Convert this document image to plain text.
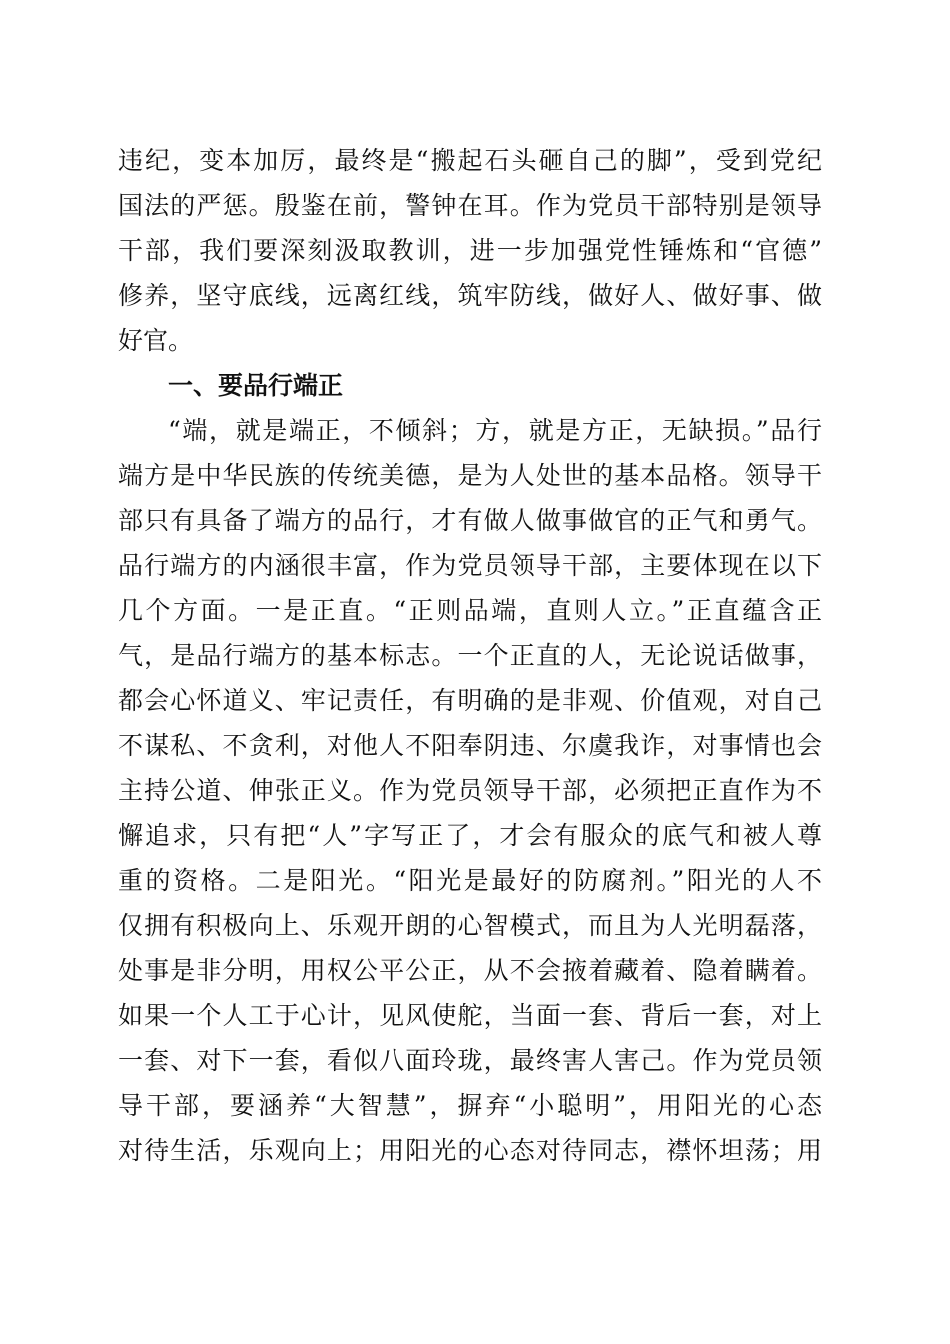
违纪，变本加厉，最终是“搬起石头砸自己的脚”，受到党纪
国法的严惩。殷鉴在前，警钟在耳。作为党员干部特别是领导
干部，我们要深刻汲取教训，进一步加强党性锤炼和“官德”
修养，坚守底线，远离红线，筑牢防线，做好人、做好事、做
好官。
一、要品行端正
“端，就是端正，不倾斜；方，就是方正，无缺损。”品行
端方是中华民族的传统美德，是为人处世的基本品格。领导干
部只有具备了端方的品行，才有做人做事做官的正气和勇气。
品行端方的内涵很丰富，作为党员领导干部，主要体现在以下
几个方面。一是正直。“正则品端，直则人立。”正直蕴含正
气，是品行端方的基本标志。一个正直的人，无论说话做事，
都会心怀道义、牢记责任，有明确的是非观、价值观，对自己
不谋私、不贪利，对他人不阳奉阴违、尔虞我诈，对事情也会
主持公道、伸张正义。作为党员领导干部，必须把正直作为不
懈追求，只有把“人”字写正了，才会有服众的底气和被人尊
重的资格。二是阳光。“阳光是最好的防腐剂。”阳光的人不
仅拥有积极向上、乐观开朗的心智模式，而且为人光明磊落，
处事是非分明，用权公平公正，从不会掖着藏着、隐着瞒着。
如果一个人工于心计，见风使舵，当面一套、背后一套，对上
一套、对下一套，看似八面玲珑，最终害人害己。作为党员领
导干部，要涵养“大智慧”，摒弃“小聪明”，用阳光的心态
对待生活，乐观向上；用阳光的心态对待同志，襟怀坦荡；用
